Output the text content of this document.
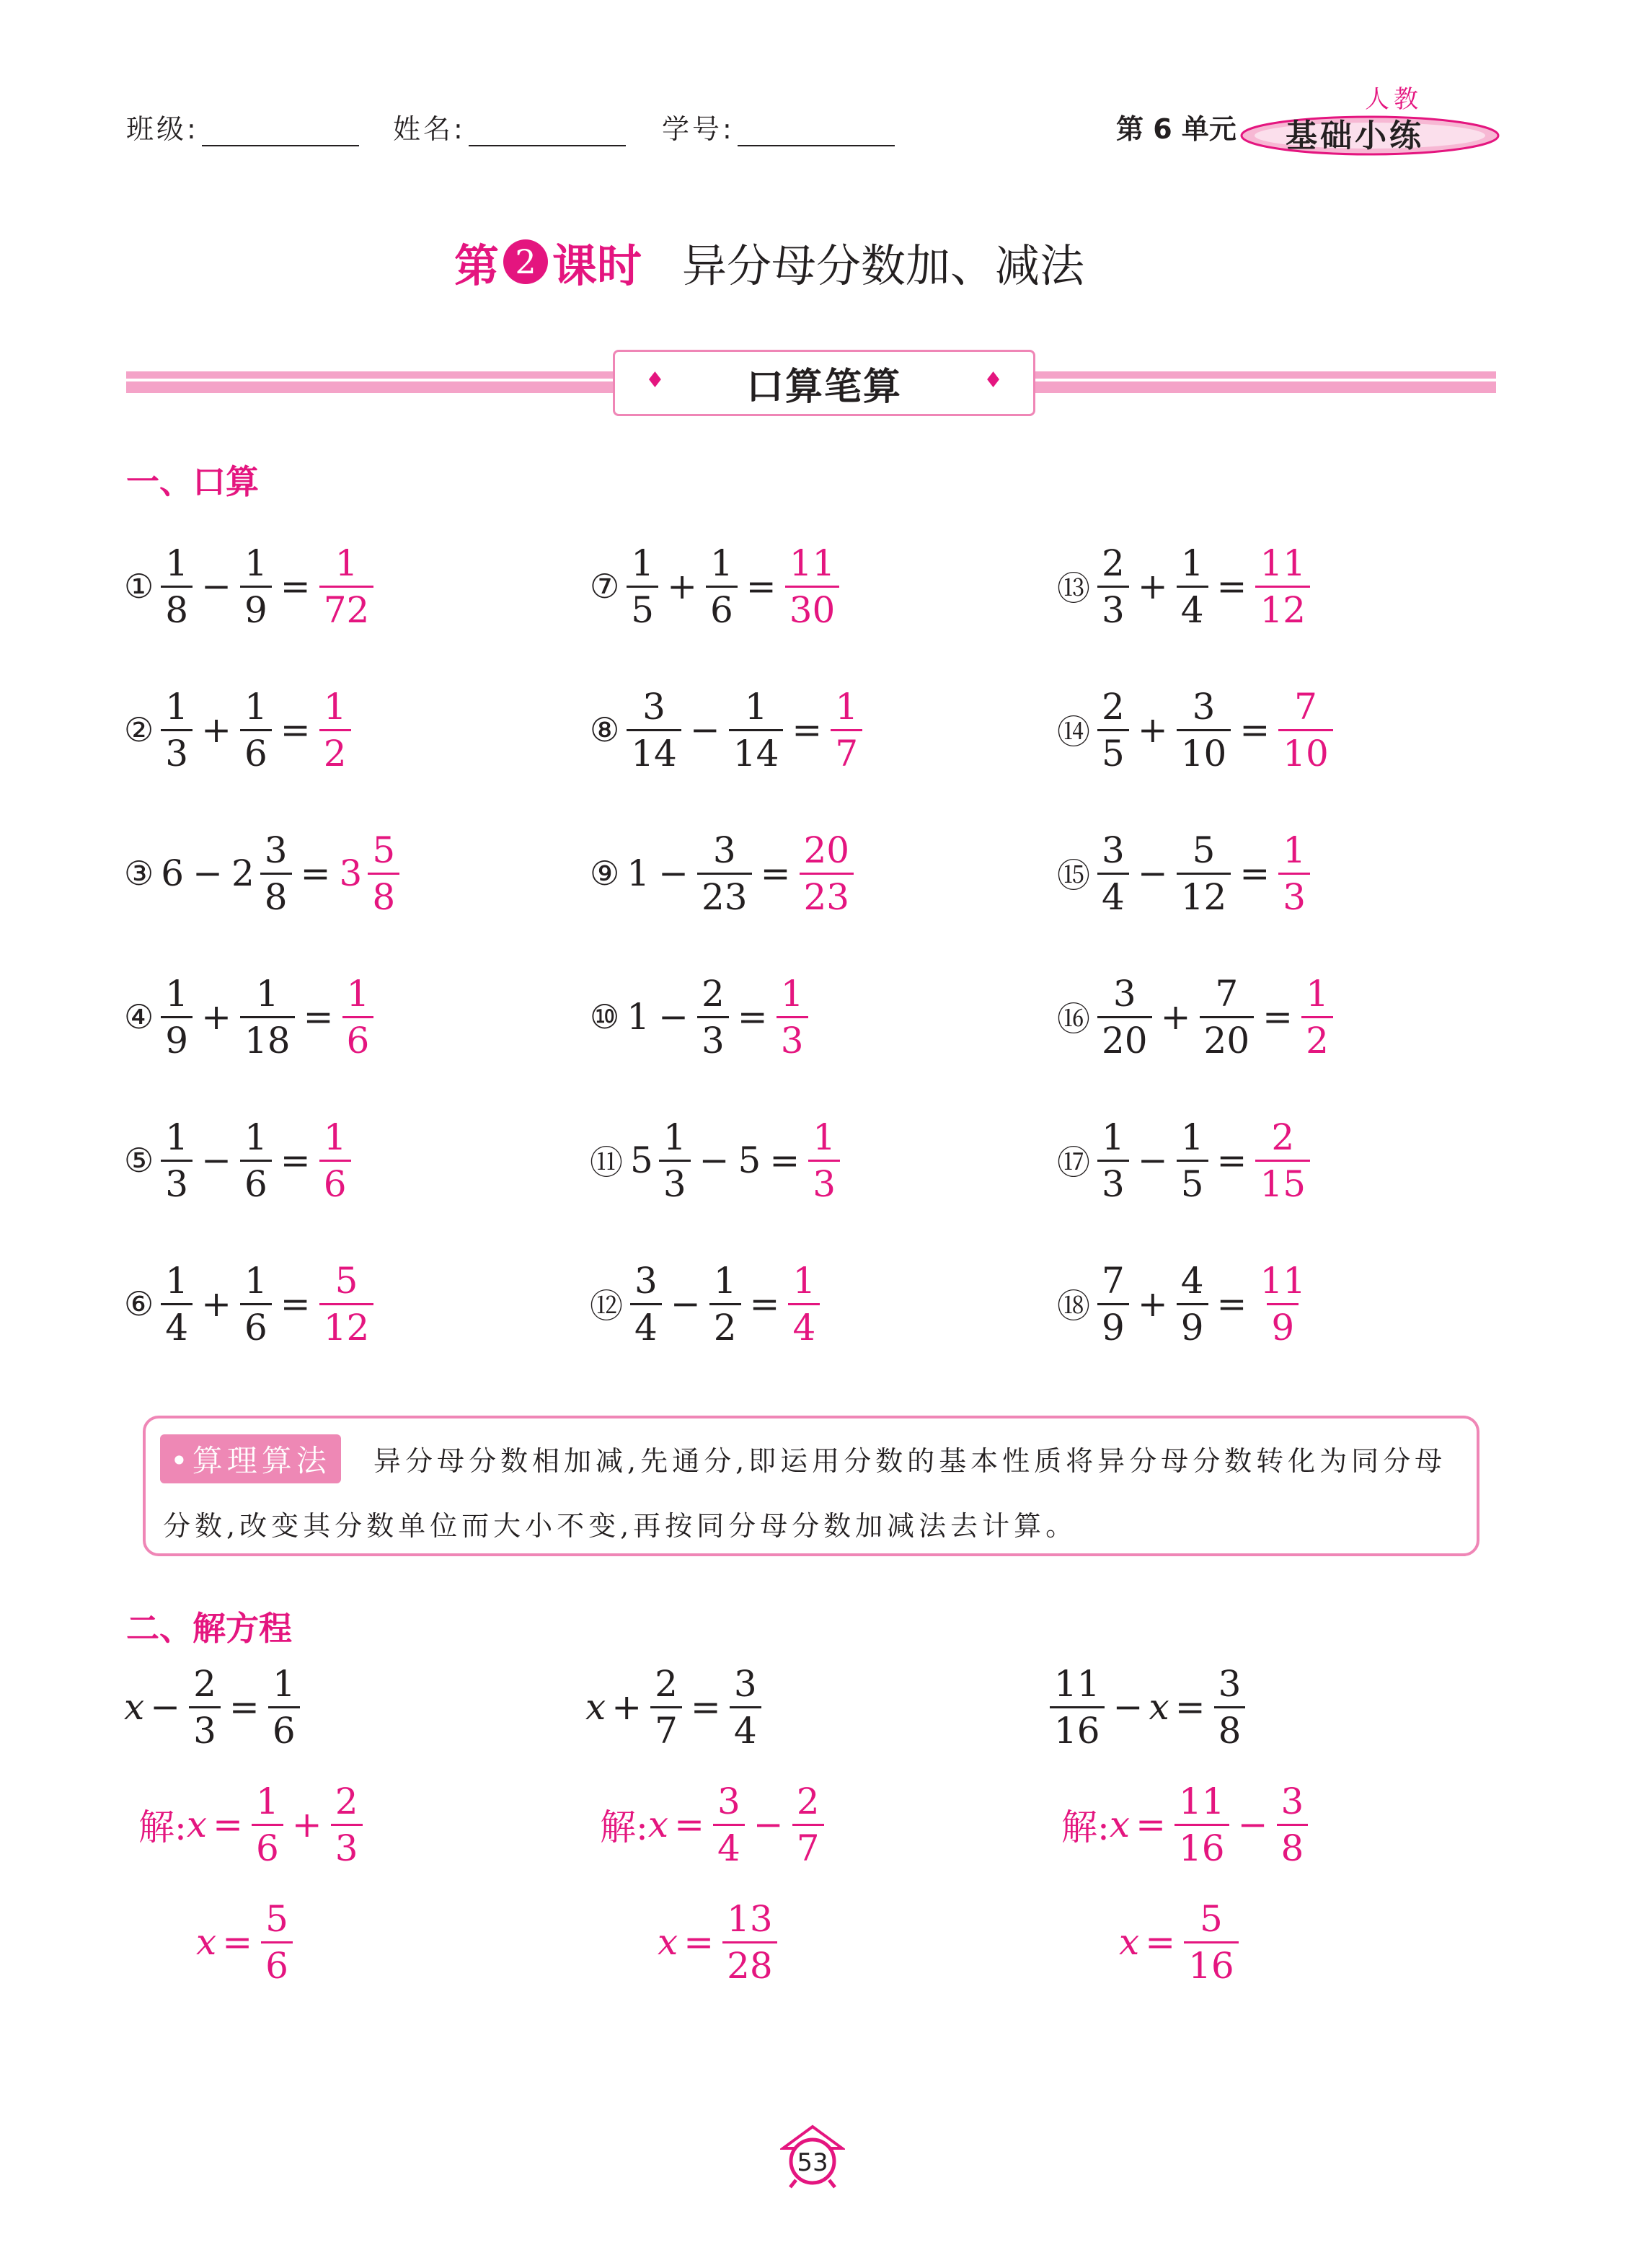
班级:	姓名:	学号:	第 6 单元
人教
基础小练
第 2 课时 异分母分数加、减法
♦ 口算笔算	♦
一、口算
① $\frac{1}{8} - \frac{1}{9} = \frac{1}{72}$
② $\frac{1}{3} + \frac{1}{6} = \frac{1}{2}$
③ $6 - 2 \frac{3}{8} = 3 \frac{5}{8}$
④ $\frac{1}{9} + \frac{1}{18} = \frac{1}{6}$
⑤ $\frac{1}{3} - \frac{1}{6} = \frac{1}{6}$
⑥ $\frac{1}{4} + \frac{1}{6} = \frac{5}{12}$
⑦ $\frac{1}{5} + \frac{1}{6} = \frac{11}{30}$
⑧ $\frac{3}{14} - \frac{1}{14} = \frac{1}{7}$
⑨ $1 - \frac{3}{23} = \frac{20}{23}$
⑩ $1 - \frac{2}{3} = \frac{1}{3}$
⑪ $5 \frac{1}{3} - 5 = \frac{1}{3}$
⑫ $\frac{3}{4} - \frac{1}{2} = \frac{1}{4}$
⑬ $\frac{2}{3} + \frac{1}{4} = \frac{11}{12}$
⑭ $\frac{2}{5} + \frac{3}{10} = \frac{7}{10}$
⑮ $\frac{3}{4} - \frac{5}{12} = \frac{1}{3}$
⑯ $\frac{3}{20} + \frac{7}{20} = \frac{1}{2}$
⑰ $\frac{1}{3} - \frac{1}{5} = \frac{2}{15}$
⑱ $\frac{7}{9} + \frac{4}{9} = \frac{11}{9}$
•算理算法	异分母分数相加减,先通分,即运用分数的基本性质将异分母分数转化为同分母
分数,改变其分数单位而大小不变,再按同分母分数加减法去计算。
二、解方程
$x - \frac{2}{3} = \frac{1}{6}$
解: $x = \frac{1}{6} + \frac{2}{3}$
$x = \frac{5}{6}$
$x + \frac{2}{7} = \frac{3}{4}$
解: $x = \frac{3}{4} - \frac{2}{7}$
$x = \frac{13}{28}$
$\frac{11}{16} - x = \frac{3}{8}$
解: $x = \frac{11}{16} - \frac{3}{8}$
$x = \frac{5}{16}$
53
